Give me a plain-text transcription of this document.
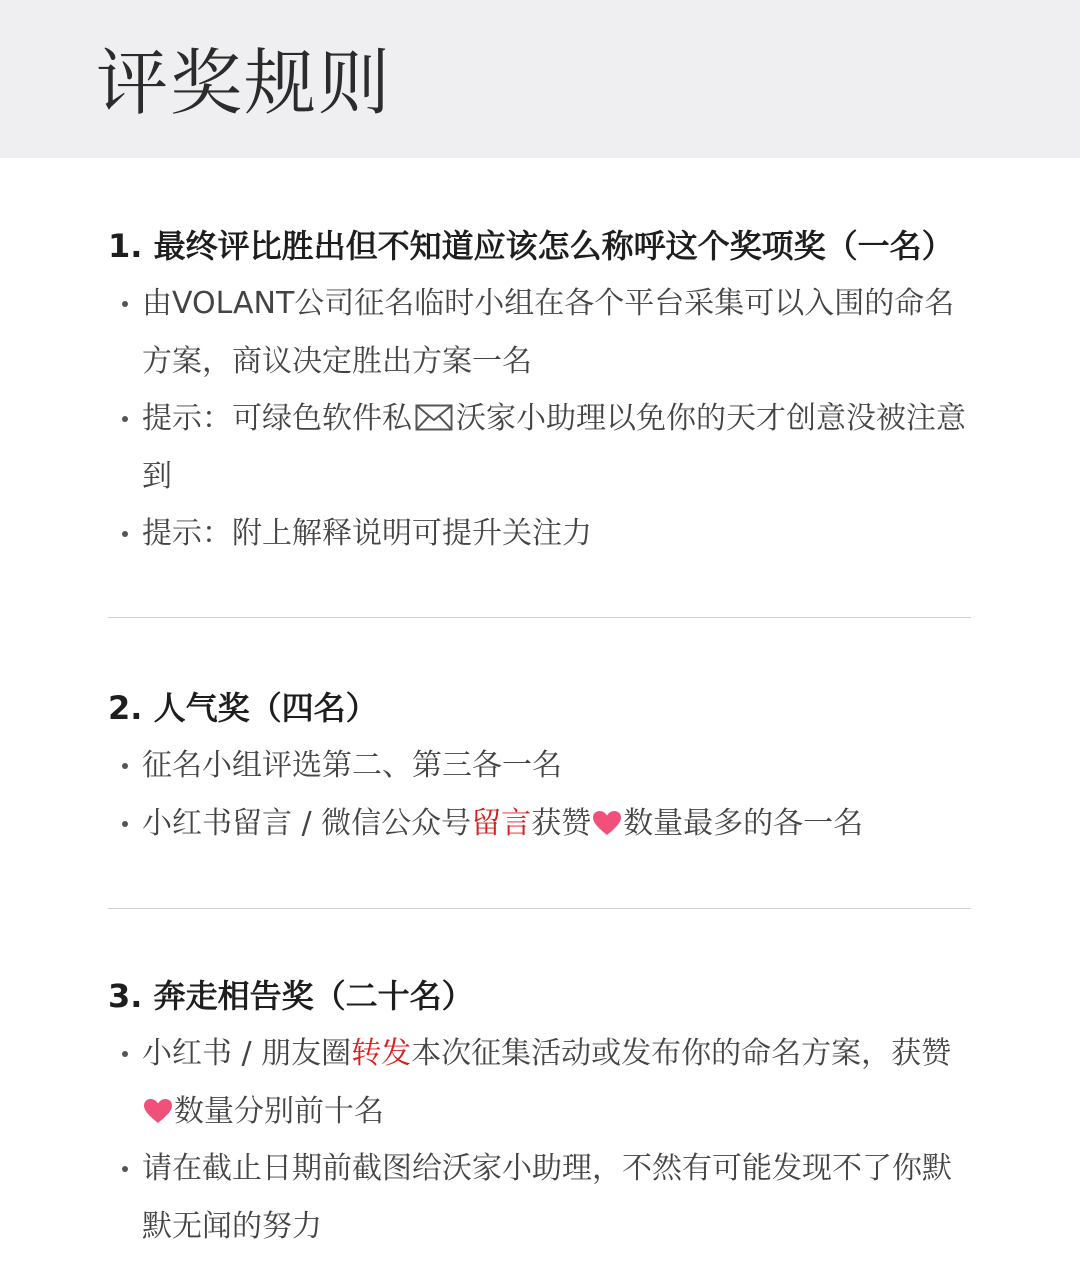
评奖规则
1. 最终评比胜出但不知道应该怎么称呼这个奖项奖（一名）
由VOLANT公司征名临时小组在各个平台采集可以入围的命名方案，商议决定胜出方案一名
提示：可绿色软件私 沃家小助理以免你的天才创意没被注意到
提示：附上解释说明可提升关注力
2. 人气奖（四名）
征名小组评选第二、第三各一名
小红书留言 / 微信公众号留言获赞 数量最多的各一名
3. 奔走相告奖（二十名）
小红书 / 朋友圈转发本次征集活动或发布你的命名方案，获赞数量分别前十名
请在截止日期前截图给沃家小助理，不然有可能发现不了你默默无闻的努力
